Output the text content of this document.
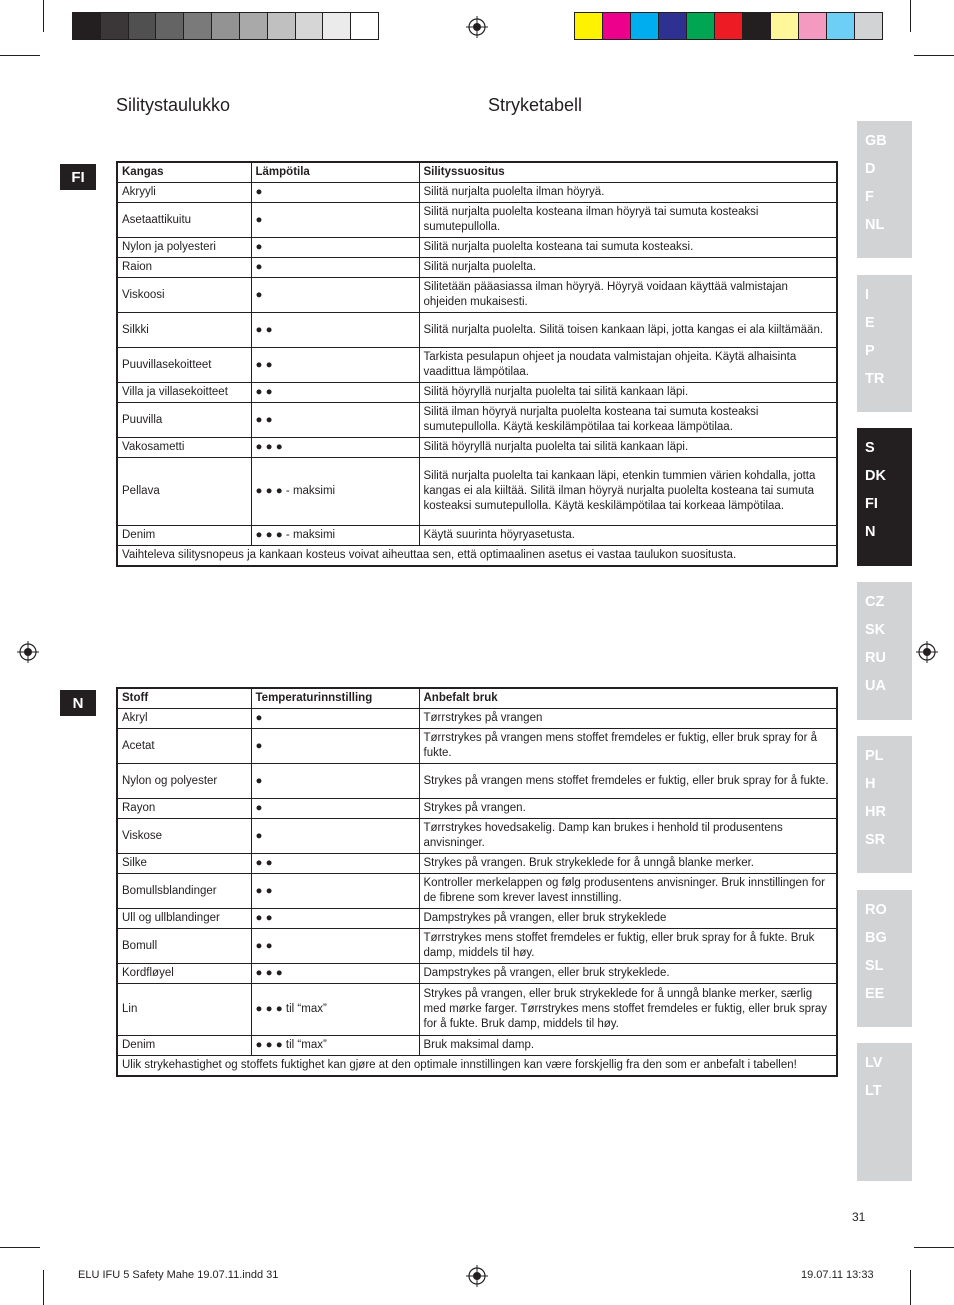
Silitystaulukko	Stryketabell
FI	Kangas	Lämpötila	Silityssuositus
Akryyli	●	Silitä nurjalta puolelta ilman höyryä.
Asetaattikuitu	●	Silitä nurjalta puolelta kosteana ilman höyryä tai sumuta kosteaksi sumutepullolla.
Nylon ja polyesteri	●	Silitä nurjalta puolelta kosteana tai sumuta kosteaksi.
Raion	●	Silitä nurjalta puolelta.
Viskoosi	●	Silitetään pääasiassa ilman höyryä. Höyryä voidaan käyttää valmistajan ohjeiden mukaisesti.
Silkki	● ●	Silitä nurjalta puolelta. Silitä toisen kankaan läpi, jotta kangas ei ala kiiltämään.
Puuvillasekoitteet	● ●	Tarkista pesulapun ohjeet ja noudata valmistajan ohjeita. Käytä alhaisinta vaadittua lämpötilaa.
Villa ja villasekoitteet	● ●	Silitä höyryllä nurjalta puolelta tai silitä kankaan läpi.
Puuvilla	● ●	Silitä ilman höyryä nurjalta puolelta kosteana tai sumuta kosteaksi sumutepullolla. Käytä keskilämpötilaa tai korkeaa lämpötilaa.
Vakosametti	● ● ●	Silitä höyryllä nurjalta puolelta tai silitä kankaan läpi.
Pellava	● ● ● - maksimi	Silitä nurjalta puolelta tai kankaan läpi, etenkin tummien värien kohdalla, jotta kangas ei ala kiiltää. Silitä ilman höyryä nurjalta puolelta kosteana tai sumuta kosteaksi sumutepullolla. Käytä keskilämpötilaa tai korkeaa lämpötilaa.
Denim	● ● ● - maksimi	Käytä suurinta höyryasetusta.
Vaihteleva silitysnopeus ja kankaan kosteus voivat aiheuttaa sen, että optimaalinen asetus ei vastaa taulukon suositusta.		
N	Stoff	Temperaturinnstilling	Anbefalt bruk
Akryl	●	Tørrstrykes på vrangen
Acetat	●	Tørrstrykes på vrangen mens stoffet fremdeles er fuktig, eller bruk spray for å fukte.
Nylon og polyester	●	Strykes på vrangen mens stoffet fremdeles er fuktig, eller bruk spray for å fukte.
Rayon	●	Strykes på vrangen.
Viskose	●	Tørrstrykes hovedsakelig. Damp kan brukes i henhold til produsentens anvisninger.
Silke	● ●	Strykes på vrangen. Bruk strykeklede for å unngå blanke merker.
Bomullsblandinger	● ●	Kontroller merkelappen og følg produsentens anvisninger. Bruk innstillingen for de fibrene som krever lavest innstilling.
Ull og ullblandinger	● ●	Dampstrykes på vrangen, eller bruk strykeklede
Bomull	● ●	Tørrstrykes mens stoffet fremdeles er fuktig, eller bruk spray for å fukte. Bruk damp, middels til høy.
Kordfløyel	● ● ●	Dampstrykes på vrangen, eller bruk strykeklede.
Lin	● ● ● til “max”	Strykes på vrangen, eller bruk strykeklede for å unngå blanke merker, særlig med mørke farger. Tørrstrykes mens stoffet fremdeles er fuktig, eller bruk spray for å fukte. Bruk damp, middels til høy.
Denim	● ● ● til “max”	Bruk maksimal damp.
Ulik strykehastighet og stoffets fuktighet kan gjøre at den optimale innstillingen kan være forskjellig fra den som er anbefalt i tabellen!		
GB
D
F
NL
I
E
P
TR
S
DK
FI
N
CZ
SK
RU
UA
PL
H
HR
SR
RO
BG
SL
EE
LV
LT
31
ELU IFU 5 Safety Mahe 19.07.11.indd 31	19.07.11 13:33
